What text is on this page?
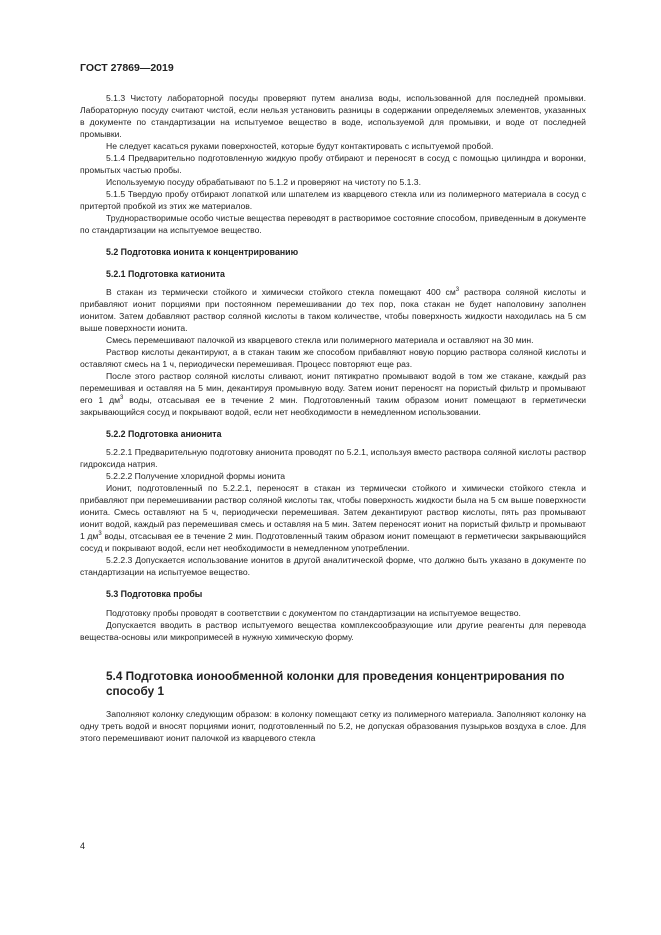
ГОСТ 27869—2019

5.1.3 Чистоту лабораторной посуды проверяют путем анализа воды, использованной для последней промывки. Лабораторную посуду считают чистой, если нельзя установить разницы в содержании определяемых элементов, указанных в документе по стандартизации на испытуемое вещество в воде, используемой для промывки, и воде от последней промывки.

Не следует касаться руками поверхностей, которые будут контактировать с испытуемой пробой.

5.1.4 Предварительно подготовленную жидкую пробу отбирают и переносят в сосуд с помощью цилиндра и воронки, промытых частью пробы.

Используемую посуду обрабатывают по 5.1.2 и проверяют на чистоту по 5.1.3.

5.1.5 Твердую пробу отбирают лопаткой или шпателем из кварцевого стекла или из полимерного материала в сосуд с притертой пробкой из этих же материалов.

Труднорастворимые особо чистые вещества переводят в растворимое состояние способом, приведенным в документе по стандартизации на испытуемое вещество.

5.2 Подготовка ионита к концентрированию
5.2.1 Подготовка катионита

В стакан из термически стойкого и химически стойкого стекла помещают 400 $см^3$ раствора соляной кислоты и прибавляют ионит порциями при постоянном перемешивании до тех пор, пока стакан не будет наполовину заполнен ионитом. Затем добавляют раствор соляной кислоты в таком количестве, чтобы поверхность жидкости находилась на 5 см выше поверхности ионита.

Смесь перемешивают палочкой из кварцевого стекла или полимерного материала и оставляют на 30 мин.

Раствор кислоты декантируют, а в стакан таким же способом прибавляют новую порцию раствора соляной кислоты и оставляют смесь на 1 ч, периодически перемешивая. Процесс повторяют еще раз.

После этого раствор соляной кислоты сливают, ионит пятикратно промывают водой в том же стакане, каждый раз перемешивая и оставляя на 5 мин, декантируя промывную воду. Затем ионит переносят на пористый фильтр и промывают его 1 $дм^3$ воды, отсасывая ее в течение 2 мин. Подготовленный таким образом ионит помещают в герметически закрывающийся сосуд и покрывают водой, если нет необходимости в немедленном использовании.

5.2.2 Подготовка анионита

5.2.2.1 Предварительную подготовку анионита проводят по 5.2.1, используя вместо раствора соляной кислоты раствор гидроксида натрия.

5.2.2.2 Получение хлоридной формы ионита

Ионит, подготовленный по 5.2.2.1, переносят в стакан из термически стойкого и химически стойкого стекла и прибавляют при перемешивании раствор соляной кислоты так, чтобы поверхность жидкости была на 5 см выше поверхности ионита. Смесь оставляют на 5 ч, периодически перемешивая. Затем декантируют раствор кислоты, пять раз промывают ионит водой, каждый раз перемешивая смесь и оставляя на 5 мин. Затем переносят ионит на пористый фильтр и промывают 1 $дм^3$ воды, отсасывая ее в течение 2 мин. Подготовленный таким образом ионит помещают в герметически закрывающийся сосуд и покрывают водой, если нет необходимости в немедленном употреблении.

5.2.2.3 Допускается использование ионитов в другой аналитической форме, что должно быть указано в документе по стандартизации на испытуемое вещество.

5.3 Подготовка пробы

Подготовку пробы проводят в соответствии с документом по стандартизации на испытуемое вещество.

Допускается вводить в раствор испытуемого вещества комплексообразующие или другие реагенты для перевода вещества-основы или микропримесей в нужную химическую форму.

5.4 Подготовка ионообменной колонки для проведения концентрирования по способу 1

Заполняют колонку следующим образом: в колонку помещают сетку из полимерного материала. Заполняют колонку на одну треть водой и вносят порциями ионит, подготовленный по 5.2, не допуская образования пузырьков воздуха в слое. Для этого перемешивают ионит палочкой из кварцевого стекла

4
